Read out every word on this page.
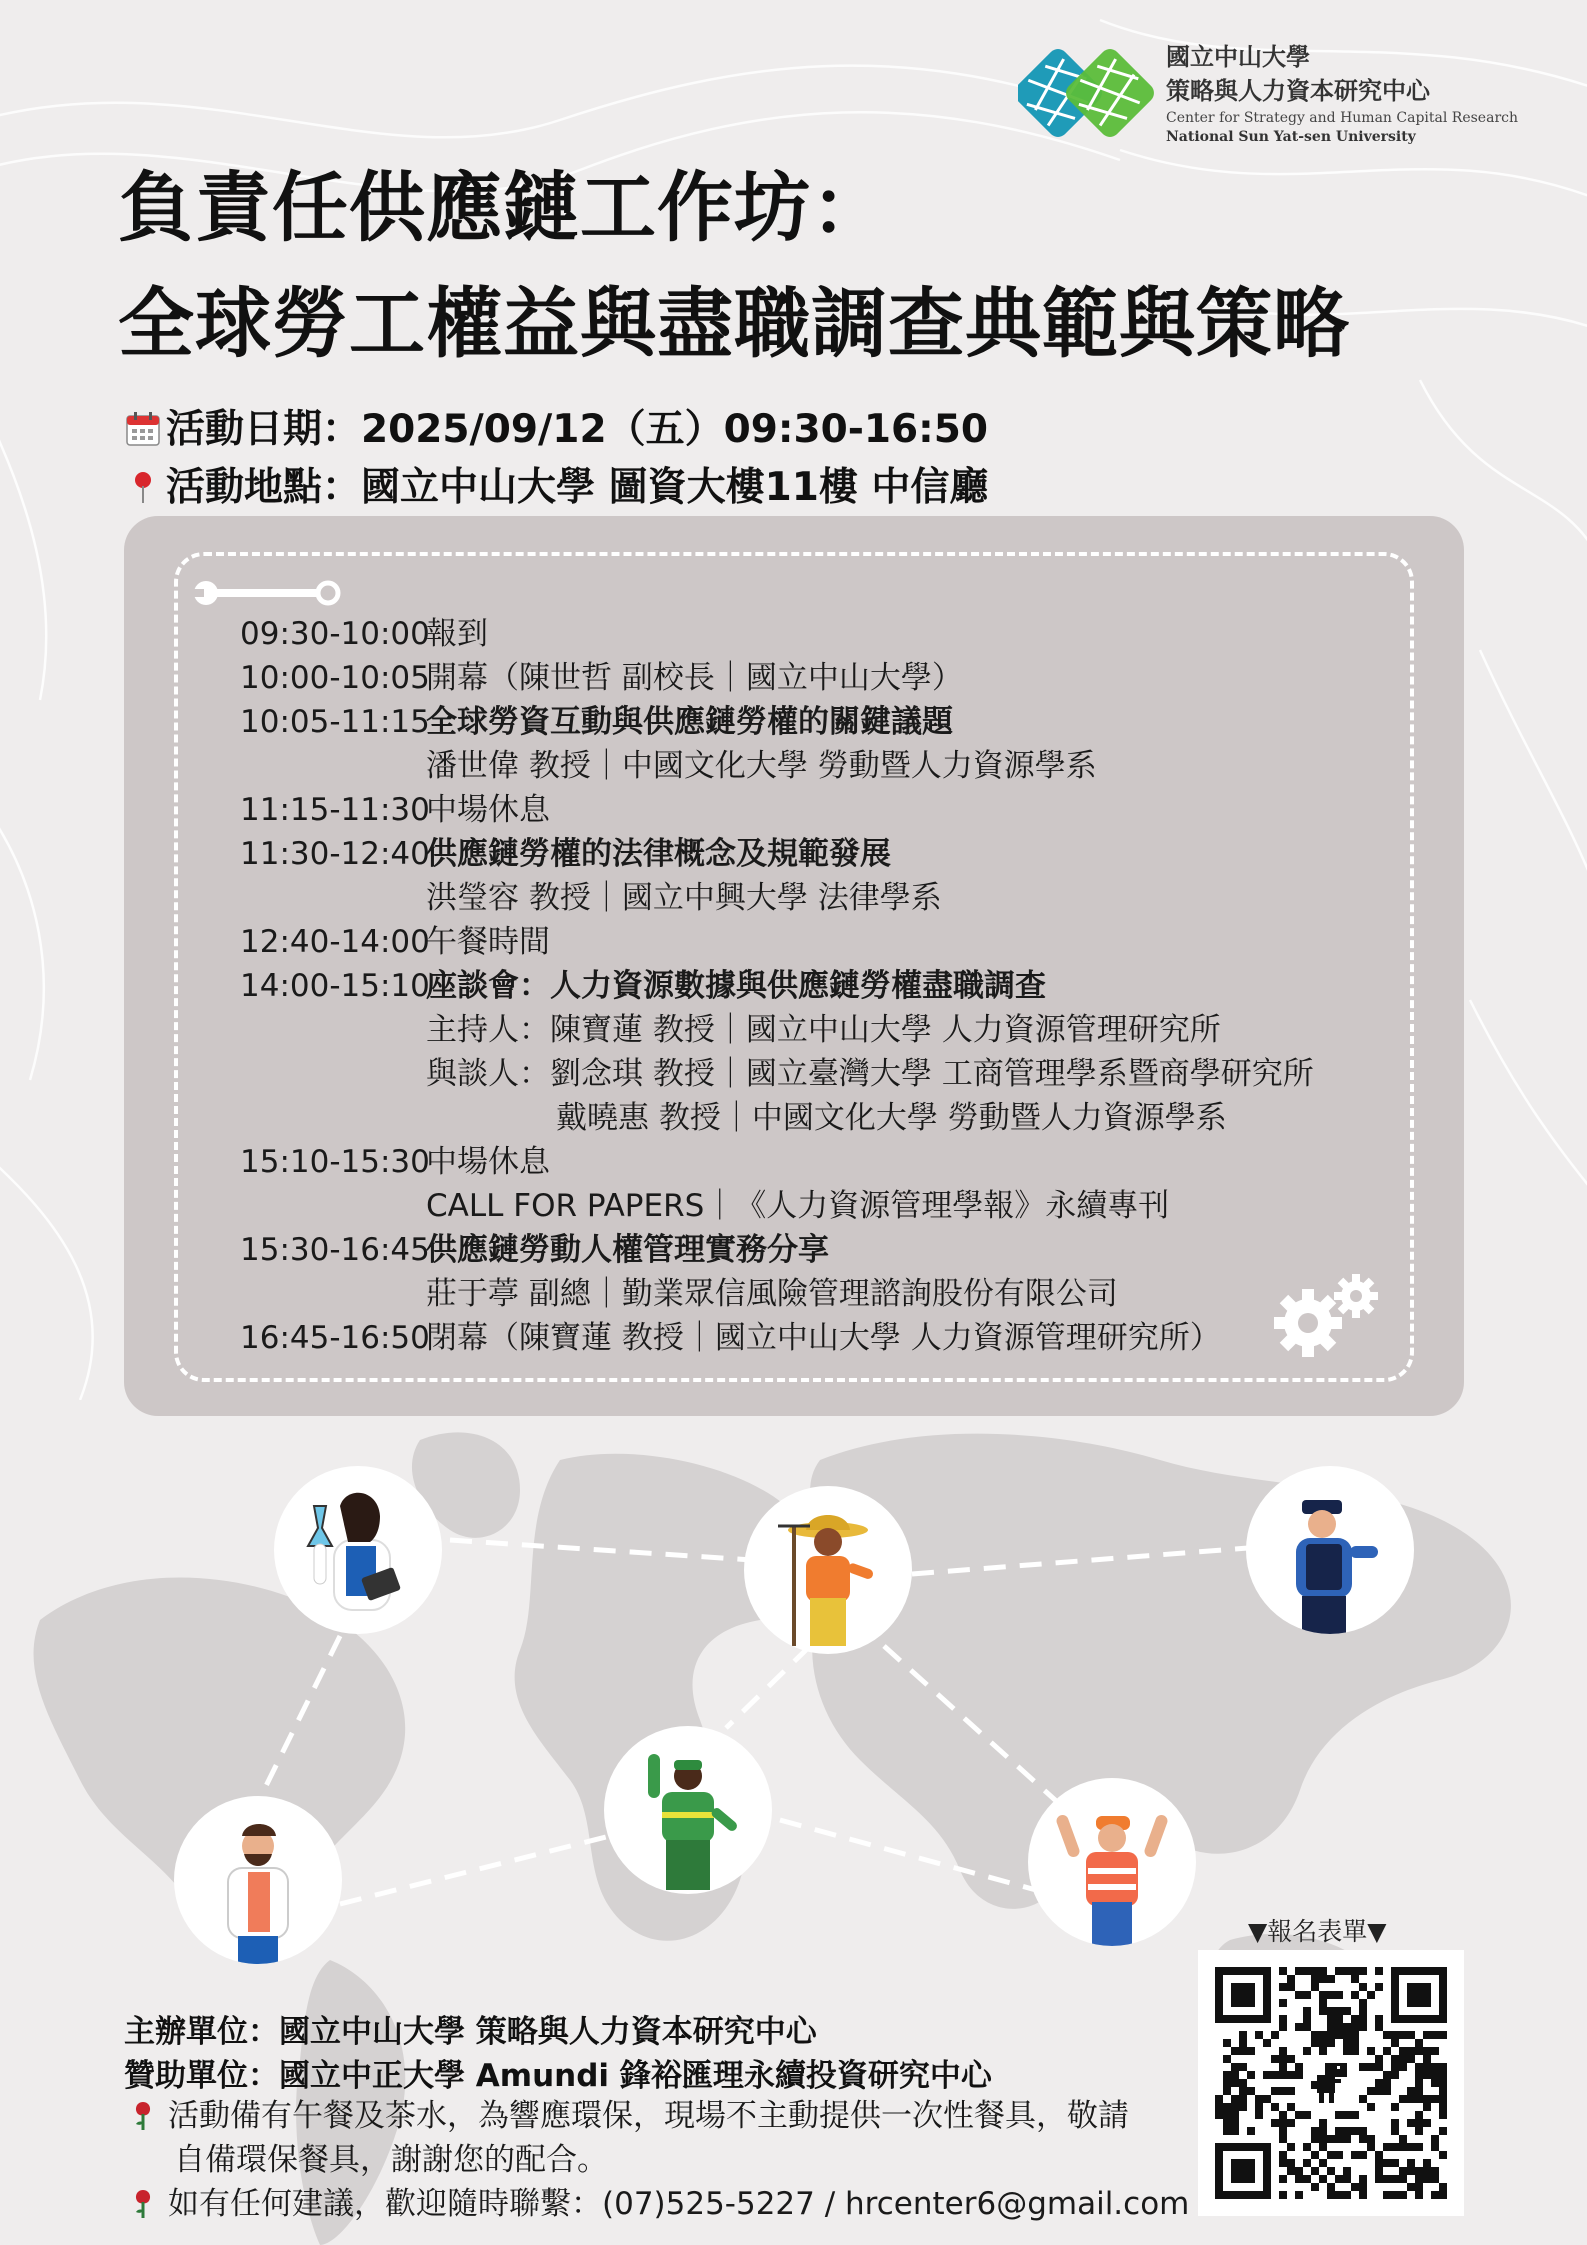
國立中山大學
策略與人力資本研究中心
Center for Strategy and Human Capital Research
National Sun Yat-sen University
負責任供應鏈工作坊：
全球勞工權益與盡職調查典範與策略
活動日期：2025/09/12（五）09:30-16:50
活動地點：國立中山大學 圖資大樓11樓 中信廳
09:30-10:00
報到
10:00-10:05
開幕（陳世哲 副校長｜國立中山大學）
10:05-11:15
全球勞資互動與供應鏈勞權的關鍵議題
潘世偉 教授｜中國文化大學 勞動暨人力資源學系
11:15-11:30
中場休息
11:30-12:40
供應鏈勞權的法律概念及規範發展
洪瑩容 教授｜國立中興大學 法律學系
12:40-14:00
午餐時間
14:00-15:10
座談會：人力資源數據與供應鏈勞權盡職調查
主持人：陳寶蓮 教授｜國立中山大學 人力資源管理研究所
與談人：劉念琪 教授｜國立臺灣大學 工商管理學系暨商學研究所
戴曉惠 教授｜中國文化大學 勞動暨人力資源學系
15:10-15:30
中場休息
CALL FOR PAPERS｜《人力資源管理學報》永續專刊
15:30-16:45
供應鏈勞動人權管理實務分享
莊于葶 副總｜勤業眾信風險管理諮詢股份有限公司
16:45-16:50
閉幕（陳寶蓮 教授｜國立中山大學 人力資源管理研究所）
主辦單位：國立中山大學 策略與人力資本研究中心
贊助單位：國立中正大學 Amundi 鋒裕匯理永續投資研究中心
活動備有午餐及茶水，為響應環保，現場不主動提供一次性餐具，敬請
自備環保餐具，謝謝您的配合。
如有任何建議，歡迎隨時聯繫：(07)525-5227 / hrcenter6@gmail.com
▼報名表單▼
